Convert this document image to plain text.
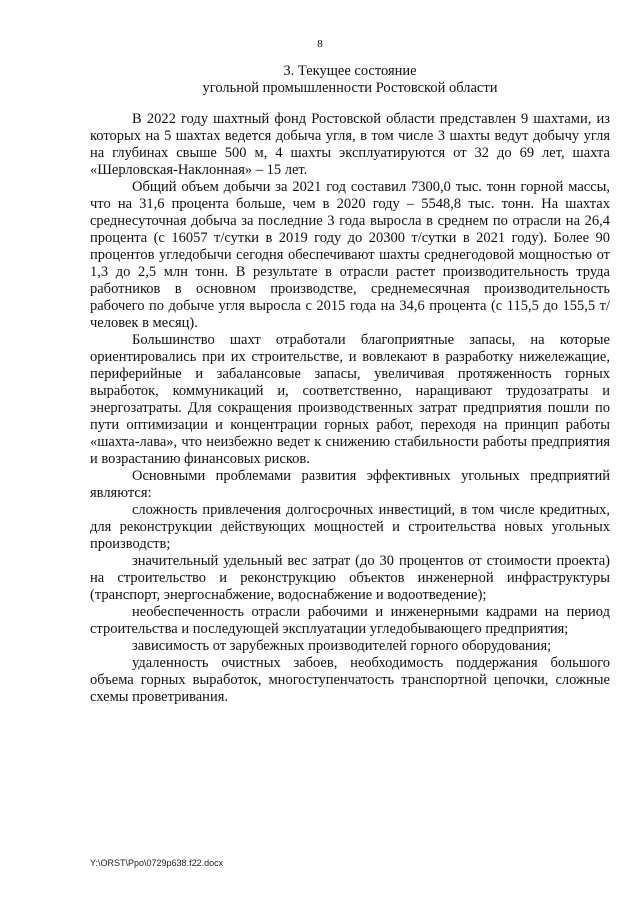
8
3. Текущее состояние
угольной промышленности Ростовской области

В 2022 году шахтный фонд Ростовской области представлен 9 шахтами, из которых на 5 шахтах ведется добыча угля, в том числе 3 шахты ведут добычу угля на глубинах свыше 500 м, 4 шахты эксплуатируются от 32 до 69 лет, шахта «Шерловская-Наклонная» – 15 лет.

Общий объем добычи за 2021 год составил 7300,0 тыс. тонн горной массы, что на 31,6 процента больше, чем в 2020 году – 5548,8 тыс. тонн. На шахтах среднесуточная добыча за последние 3 года выросла в среднем по отрасли на 26,4 процента (с 16057 т/сутки в 2019 году до 20300 т/сутки в 2021 году). Более 90 процентов угледобычи сегодня обеспечивают шахты среднегодовой мощностью от 1,3 до 2,5 млн тонн. В результате в отрасли растет производительность труда работников в основном производстве, среднемесячная производительность рабочего по добыче угля выросла с 2015 года на 34,6 процента (с 115,5 до 155,5 т/человек в месяц).

Большинство шахт отработали благоприятные запасы, на которые ориентировались при их строительстве, и вовлекают в разработку нижележащие, периферийные и забалансовые запасы, увеличивая протяженность горных выработок, коммуникаций и, соответственно, наращивают трудозатраты и энергозатраты. Для сокращения производственных затрат предприятия пошли по пути оптимизации и концентрации горных работ, переходя на принцип работы «шахта-лава», что неизбежно ведет к снижению стабильности работы предприятия и возрастанию финансовых рисков.

Основными проблемами развития эффективных угольных предприятий являются:

сложность привлечения долгосрочных инвестиций, в том числе кредитных, для реконструкции действующих мощностей и строительства новых угольных производств;

значительный удельный вес затрат (до 30 процентов от стоимости проекта) на строительство и реконструкцию объектов инженерной инфраструктуры (транспорт, энергоснабжение, водоснабжение и водоотведение);

необеспеченность отрасли рабочими и инженерными кадрами на период строительства и последующей эксплуатации угледобывающего предприятия;

зависимость от зарубежных производителей горного оборудования;

удаленность очистных забоев, необходимость поддержания большого объема горных выработок, многоступенчатость транспортной цепочки, сложные схемы проветривания.

Y:\ORST\Ppo\0729p638.f22.docx
